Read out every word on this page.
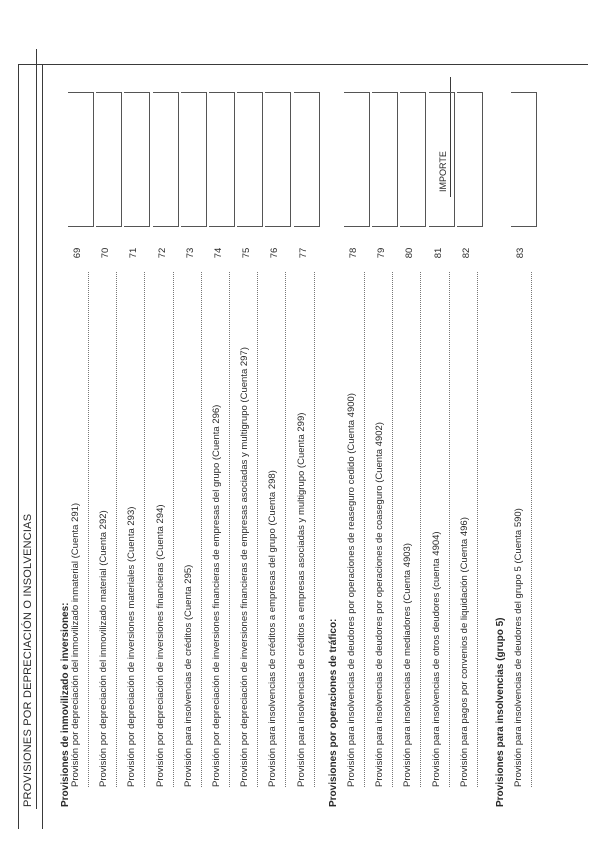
PROVISIONES POR DEPRECIACIÓN O INSOLVENCIAS
IMPORTE
Provisiones de inmovilizado e inversiones: Provisión por depreciación del inmovilizado inmaterial (Cuenta 291)
69
Provisión por depreciación del inmovilizado material (Cuenta 292)
70
Provisión por depreciación de inversiones materiales (Cuenta 293)
71
Provisión por depreciación de inversiones financieras (Cuenta 294)
72
Provisión para insolvencias de créditos (Cuenta 295)
73
Provisión por depreciación de inversiones financieras de empresas del grupo (Cuenta 296)
74
Provisión por depreciación de inversiones financieras de empresas asociadas y multigrupo (Cuenta 297)
75
Provisión para insolvencias de créditos a empresas del grupo (Cuenta 298)
76
Provisión para insolvencias de créditos a empresas asociadas y multigrupo (Cuenta 299)
77
Provisiones por operaciones de tráfico: Provisión para insolvencias de deudores por operaciones de reaseguro cedido (Cuenta 4900)
78
Provisión para insolvencias de deudores por operaciones de coaseguro (Cuenta 4902)
79
Provisión para insolvencias de mediadores (Cuenta 4903)
80
Provisión para insolvencias de otros deudores (cuenta 4904)
81
Provisión para pagos por convenios de liquidación (Cuenta 496)
82
Provisiones para insolvencias (grupo 5) Provisión para insolvencias de deudores del grupo 5 (Cuenta 590)
83
